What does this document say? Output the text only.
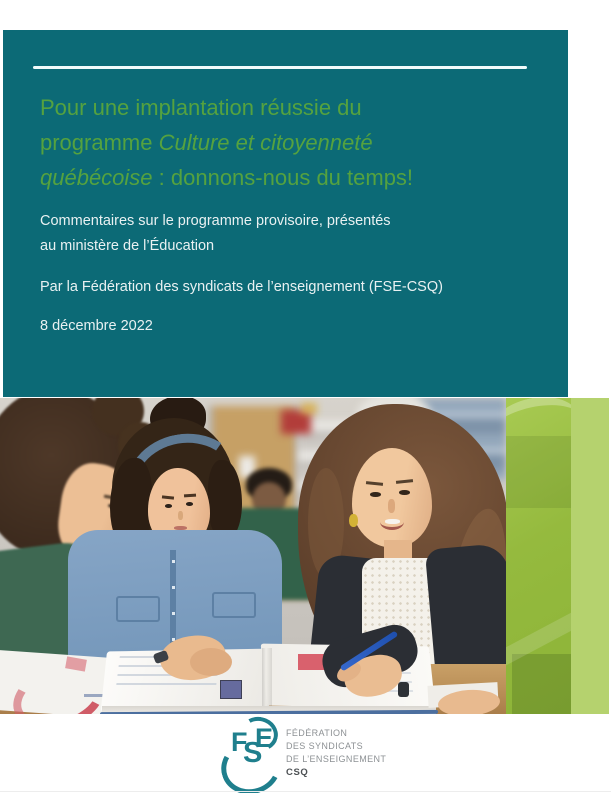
Pour une implantation réussie du programme Culture et citoyenneté québécoise : donnons-nous du temps!
Commentaires sur le programme provisoire, présentés
au ministère de l’Éducation
Par la Fédération des syndicats de l’enseignement (FSE-CSQ)
8 décembre 2022
F
S
E FÉDÉRATION
DES SYNDICATS
DE L’ENSEIGNEMENT
CSQ
